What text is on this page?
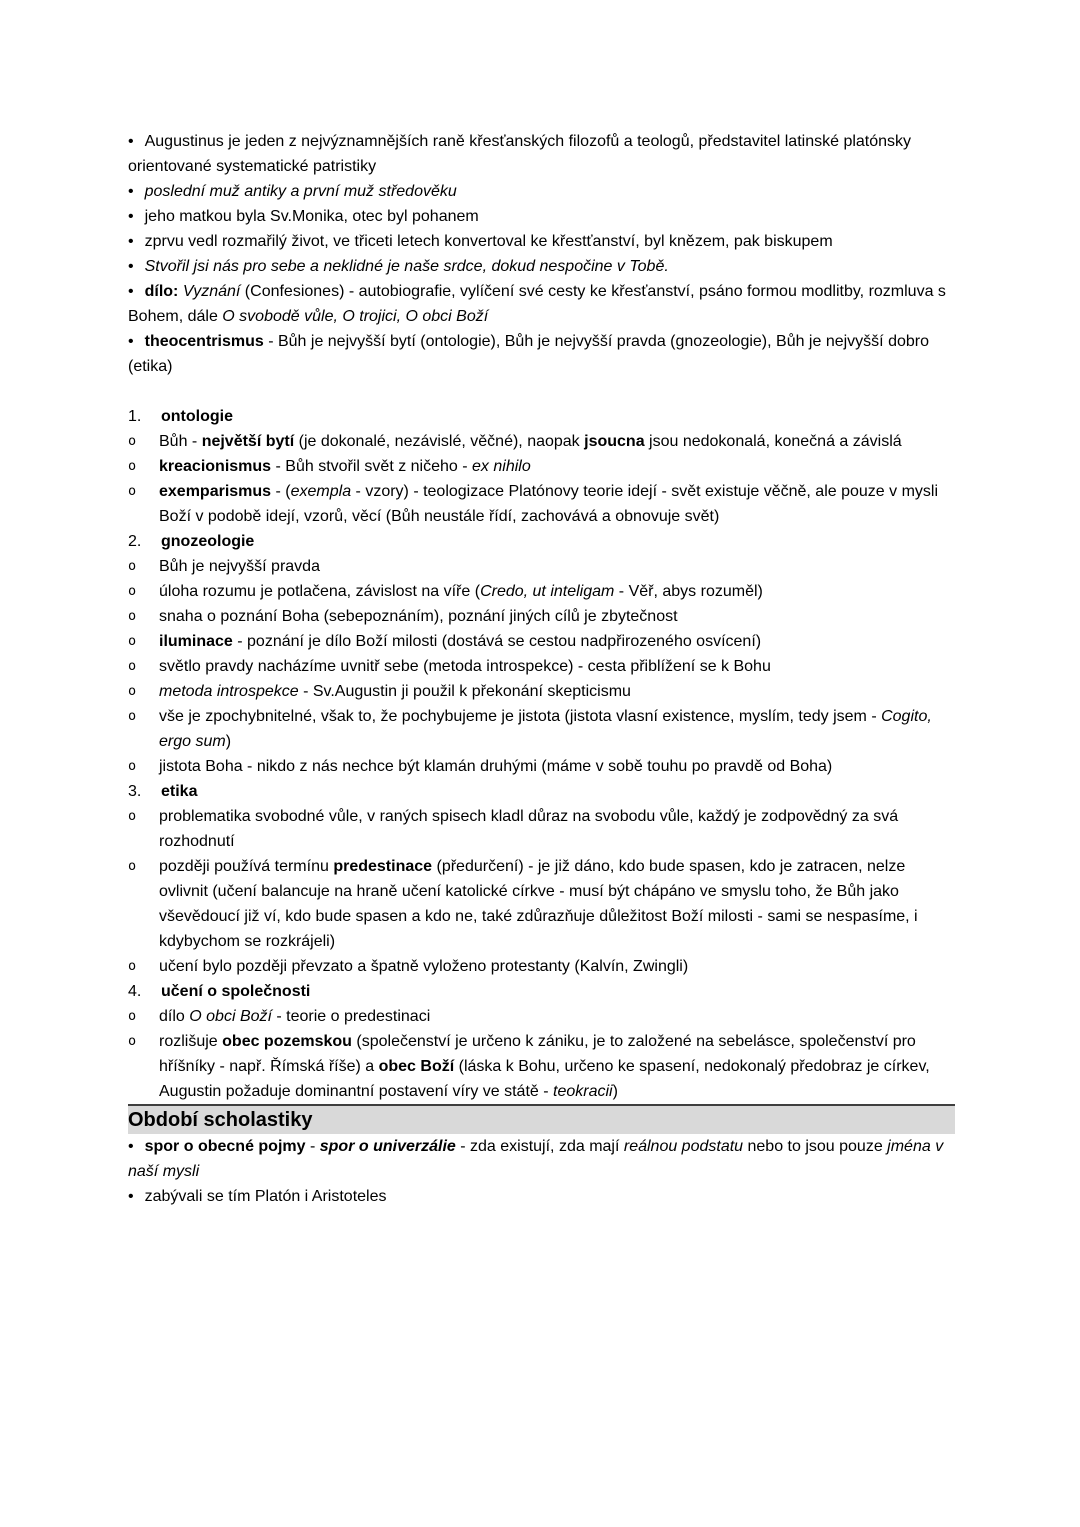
• Augustinus je jeden z nejvýznamnějších raně křesťanských filozofů a teologů, představitel latinské platónsky orientované systematické patristiky

• poslední muž antiky a první muž středověku

• jeho matkou byla Sv.Monika, otec byl pohanem

• zprvu vedl rozmařilý život, ve třiceti letech konvertoval ke křestťanství, byl knězem, pak biskupem

• Stvořil jsi nás pro sebe a neklidné je naše srdce, dokud nespočine v Tobě.

• dílo: Vyznání (Confesiones) - autobiografie, vylíčení své cesty ke křesťanství, psáno formou modlitby, rozmluva s Bohem, dále O svobodě vůle, O trojici, O obci Boží

• theocentrismus - Bůh je nejvyšší bytí (ontologie), Bůh je nejvyšší pravda (gnozeologie), Bůh je nejvyšší dobro (etika)

1.	ontologie
o	Bůh - největší bytí (je dokonalé, nezávislé, věčné), naopak jsoucna jsou nedokonalá, konečná a závislá
o	kreacionismus - Bůh stvořil svět z ničeho - ex nihilo
o	exemparismus - (exempla - vzory) - teologizace Platónovy teorie idejí - svět existuje věčně, ale pouze v mysli Boží v podobě idejí, vzorů, věcí (Bůh neustále řídí, zachovává a obnovuje svět)
2.	gnozeologie
o	Bůh je nejvyšší pravda
o	úloha rozumu je potlačena, závislost na víře (Credo, ut inteligam - Věř, abys rozuměl)
o	snaha o poznání Boha (sebepoznáním), poznání jiných cílů je zbytečnost
o	iluminace - poznání je dílo Boží milosti (dostává se cestou nadpřirozeného osvícení)
o	světlo pravdy nacházíme uvnitř sebe (metoda introspekce) - cesta přiblížení se k Bohu
o	metoda introspekce - Sv.Augustin ji použil k překonání skepticismu
o	vše je zpochybnitelné, však to, že pochybujeme je jistota (jistota vlasní existence, myslím, tedy jsem - Cogito, ergo sum)
o	jistota Boha - nikdo z nás nechce být klamán druhými (máme v sobě touhu po pravdě od Boha)
3.	etika
o	problematika svobodné vůle, v raných spisech kladl důraz na svobodu vůle, každý je zodpovědný za svá rozhodnutí
o	později používá termínu predestinace (předurčení) - je již dáno, kdo bude spasen, kdo je zatracen, nelze ovlivnit (učení balancuje na hraně učení katolické církve - musí být chápáno ve smyslu toho, že Bůh jako vševědoucí již ví, kdo bude spasen a kdo ne, také zdůrazňuje důležitost Boží milosti - sami se nespasíme, i kdybychom se rozkrájeli)
o	učení bylo později převzato a špatně vyloženo protestanty (Kalvín, Zwingli)
4.	učení o společnosti
o	dílo O obci Boží - teorie o predestinaci
o	rozlišuje obec pozemskou (společenství je určeno k zániku, je to založené na sebelásce, společenství pro hříšníky - např. Římská říše) a obec Boží (láska k Bohu, určeno ke spasení, nedokonalý předobraz je církev, Augustin požaduje dominantní postavení víry ve státě - teokracii)
Období scholastiky

• spor o obecné pojmy - spor o univerzálie - zda existují, zda mají reálnou podstatu nebo to jsou pouze jména v naší mysli

• zabývali se tím Platón i Aristoteles
